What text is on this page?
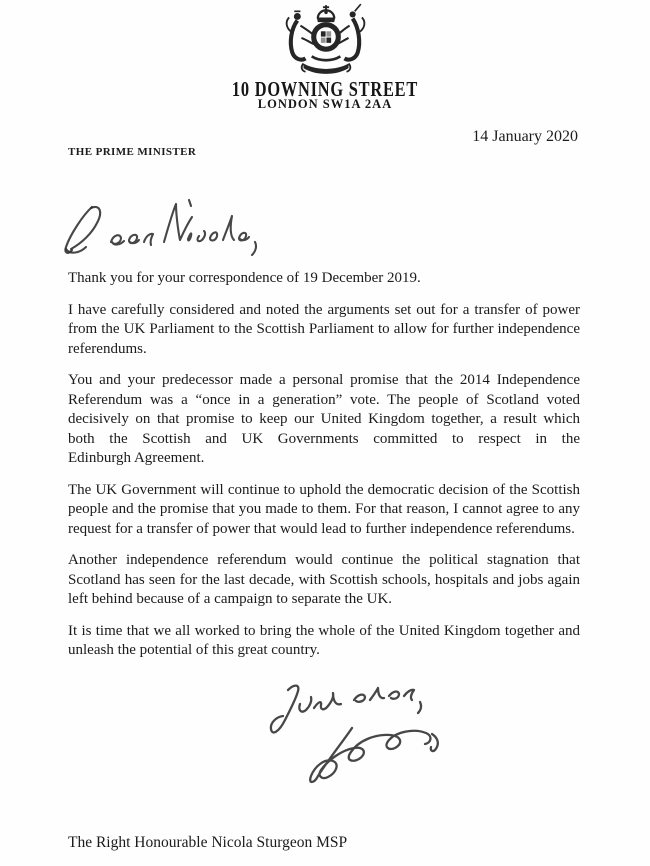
10 DOWNING STREET
LONDON SW1A 2AA
14 January 2020
THE PRIME MINISTER

Thank you for your correspondence of 19 December 2019.

I have carefully considered and noted the arguments set out for a transfer of power
from the UK Parliament to the Scottish Parliament to allow for further independence
referendums.

You and your predecessor made a personal promise that the 2014 Independence
Referendum was a “once in a generation” vote. The people of Scotland voted
decisively on that promise to keep our United Kingdom together, a result which
both the Scottish and UK Governments committed to respect in the
Edinburgh Agreement.

The UK Government will continue to uphold the democratic decision of the Scottish
people and the promise that you made to them. For that reason, I cannot agree to any
request for a transfer of power that would lead to further independence referendums.

Another independence referendum would continue the political stagnation that
Scotland has seen for the last decade, with Scottish schools, hospitals and jobs again
left behind because of a campaign to separate the UK.

It is time that we all worked to bring the whole of the United Kingdom together and
unleash the potential of this great country.

The Right Honourable Nicola Sturgeon MSP
